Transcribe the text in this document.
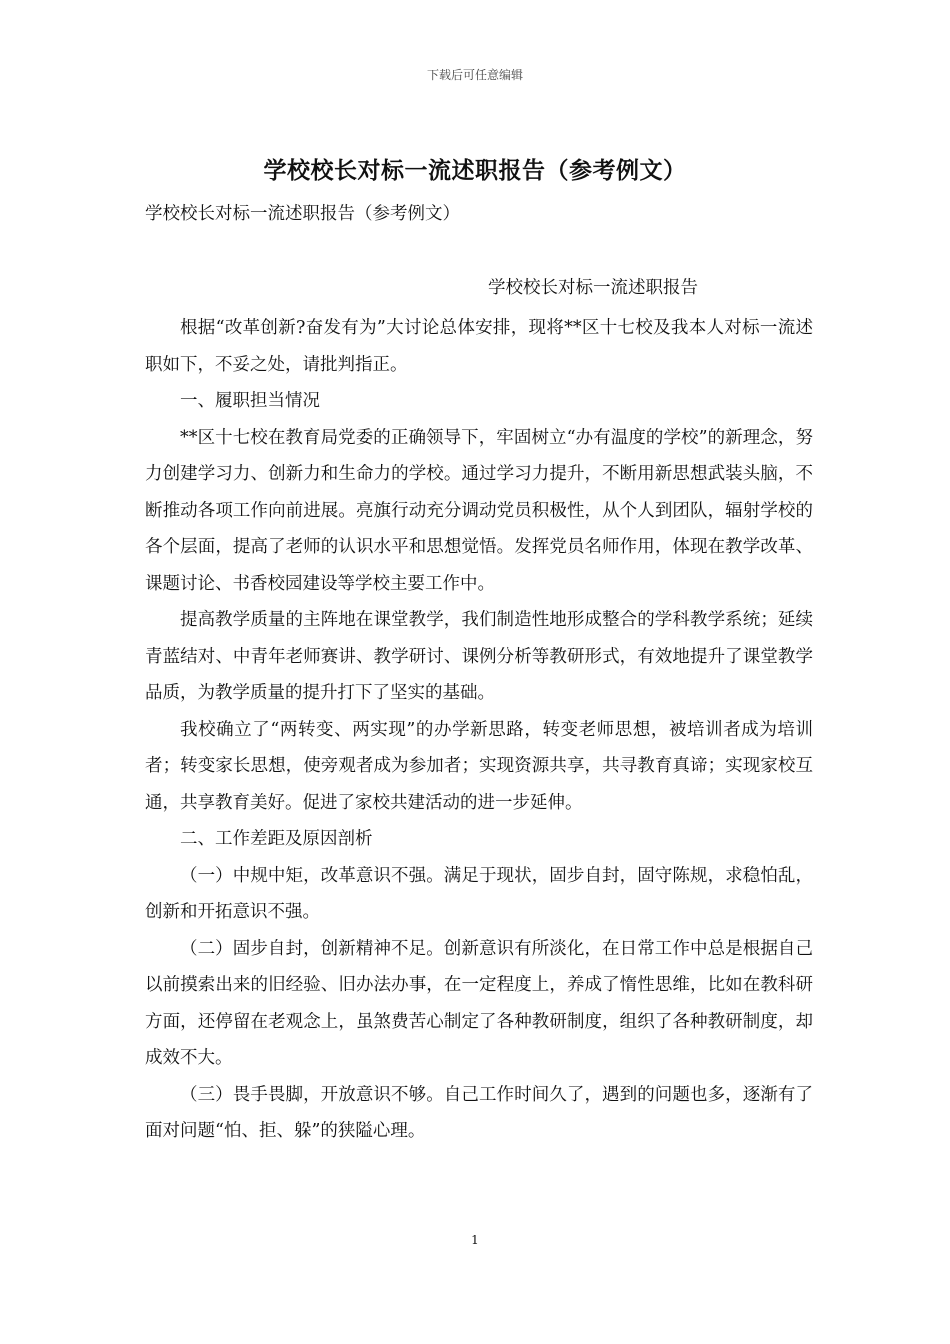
下载后可任意编辑
学校校长对标一流述职报告（参考例文）
学校校长对标一流述职报告（参考例文）
学校校长对标一流述职报告

根据“改革创新?奋发有为”大讨论总体安排，现将**区十七校及我本人对标一流述职如下，不妥之处，请批判指正。

一、履职担当情况

**区十七校在教育局党委的正确领导下，牢固树立“办有温度的学校”的新理念，努力创建学习力、创新力和生命力的学校。通过学习力提升，不断用新思想武装头脑，不断推动各项工作向前进展。亮旗行动充分调动党员积极性，从个人到团队，辐射学校的各个层面，提高了老师的认识水平和思想觉悟。发挥党员名师作用，体现在教学改革、课题讨论、书香校园建设等学校主要工作中。

提高教学质量的主阵地在课堂教学，我们制造性地形成整合的学科教学系统；延续青蓝结对、中青年老师赛讲、教学研讨、课例分析等教研形式，有效地提升了课堂教学品质，为教学质量的提升打下了坚实的基础。

我校确立了“两转变、两实现”的办学新思路，转变老师思想，被培训者成为培训者；转变家长思想，使旁观者成为参加者；实现资源共享，共寻教育真谛；实现家校互通，共享教育美好。促进了家校共建活动的进一步延伸。

二、工作差距及原因剖析

（一）中规中矩，改革意识不强。满足于现状，固步自封，固守陈规，求稳怕乱，创新和开拓意识不强。

（二）固步自封，创新精神不足。创新意识有所淡化，在日常工作中总是根据自己以前摸索出来的旧经验、旧办法办事，在一定程度上，养成了惰性思维，比如在教科研方面，还停留在老观念上，虽煞费苦心制定了各种教研制度，组织了各种教研制度，却成效不大。

（三）畏手畏脚，开放意识不够。自己工作时间久了，遇到的问题也多，逐渐有了面对问题“怕、拒、躲”的狭隘心理。

1
